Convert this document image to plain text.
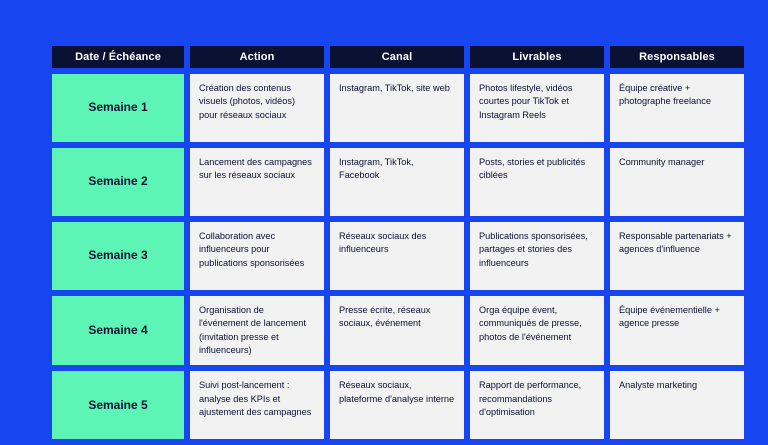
Date / Échéance	Action	Canal	Livrables	Responsables
Semaine 1	Création des contenus visuels (photos, vidéos) pour réseaux sociaux	Instagram, TikTok, site web	Photos lifestyle, vidéos courtes pour TikTok et Instagram Reels	Équipe créative + photographe freelance
Semaine 2	Lancement des campagnes sur les réseaux sociaux	Instagram, TikTok, Facebook	Posts, stories et publicités ciblées	Community manager
Semaine 3	Collaboration avec influenceurs pour publications sponsorisées	Réseaux sociaux des influenceurs	Publications sponsorisées, partages et stories des influenceurs	Responsable partenariats + agences d'influence
Semaine 4	Organisation de l'événement de lancement (invitation presse et influenceurs)	Presse écrite, réseaux sociaux, événement	Orga équipe évent, communiqués de presse, photos de l'événement	Équipe événementielle + agence presse
Semaine 5	Suivi post-lancement : analyse des KPIs et ajustement des campagnes	Réseaux sociaux, plateforme d'analyse interne	Rapport de performance, recommandations d'optimisation	Analyste marketing
